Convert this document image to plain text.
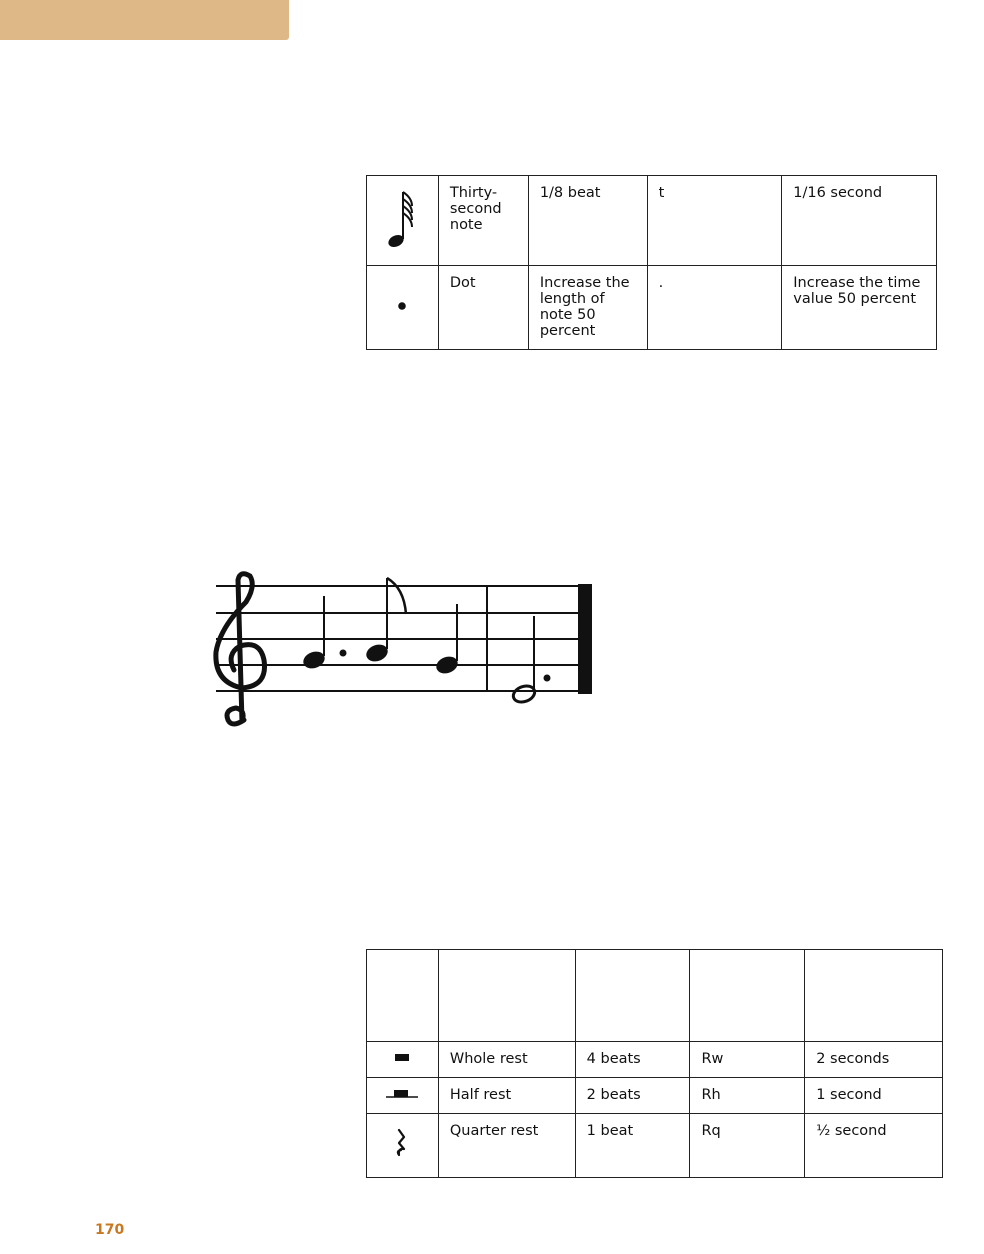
	Thirty-
second
note	1/8 beat	t	1/16 second
	Dot	Increase the
length of
note 50
percent	.	Increase the time
value 50 percent

	Whole rest	4 beats	Rw	2 seconds
	Half rest	2 beats	Rh	1 second
	Quarter rest	1 beat	Rq	½ second
170
